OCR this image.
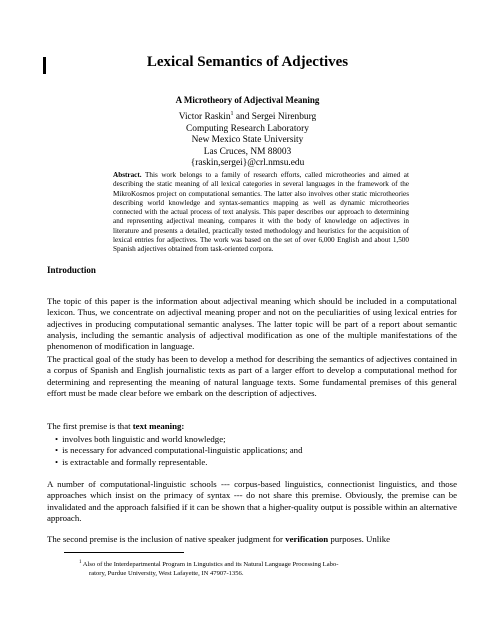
Lexical Semantics of Adjectives
A Microtheory of Adjectival Meaning
Victor Raskin$^1$ and Sergei Nirenburg
Computing Research Laboratory
New Mexico State University
Las Cruces, NM 88003
{raskin,sergei}@crl.nmsu.edu
Abstract. This work belongs to a family of research efforts, called microtheories and aimed at describing the static meaning of all lexical categories in several languages in the framework of the MikroKosmos project on computational semantics. The latter also involves other static microtheories describing world knowledge and syntax-semantics mapping as well as dynamic microtheories connected with the actual process of text analysis. This paper describes our approach to determining and representing adjectival meaning, compares it with the body of knowledge on adjectives in literature and presents a detailed, practically tested methodology and heuristics for the acquisition of lexical entries for adjectives. The work was based on the set of over 6,000 English and about 1,500 Spanish adjectives obtained from task-oriented corpora.
Introduction

The topic of this paper is the information about adjectival meaning which should be included in a computational lexicon. Thus, we concentrate on adjectival meaning proper and not on the peculiarities of using lexical entries for adjectives in producing computational semantic analyses. The latter topic will be part of a report about semantic analysis, including the semantic analysis of adjectival modification as one of the multiple manifestations of the phenomenon of modification in language.

The practical goal of the study has been to develop a method for describing the semantics of adjectives contained in a corpus of Spanish and English journalistic texts as part of a larger effort to develop a computational method for determining and representing the meaning of natural language texts. Some fundamental premises of this general effort must be made clear before we embark on the description of adjectives.

The first premise is that text meaning:

• involves both linguistic and world knowledge;
• is necessary for advanced computational-linguistic applications; and
• is extractable and formally representable.

A number of computational-linguistic schools --- corpus-based linguistics, connectionist linguistics, and those approaches which insist on the primacy of syntax --- do not share this premise. Obviously, the premise can be invalidated and the approach falsified if it can be shown that a higher-quality output is possible within an alternative approach.

The second premise is the inclusion of native speaker judgment for verification purposes. Unlike

$^1$ Also of the Interdepartmental Program in Linguistics and its Natural Language Processing Labo-
ratory, Purdue University, West Lafayette, IN 47907-1356.
